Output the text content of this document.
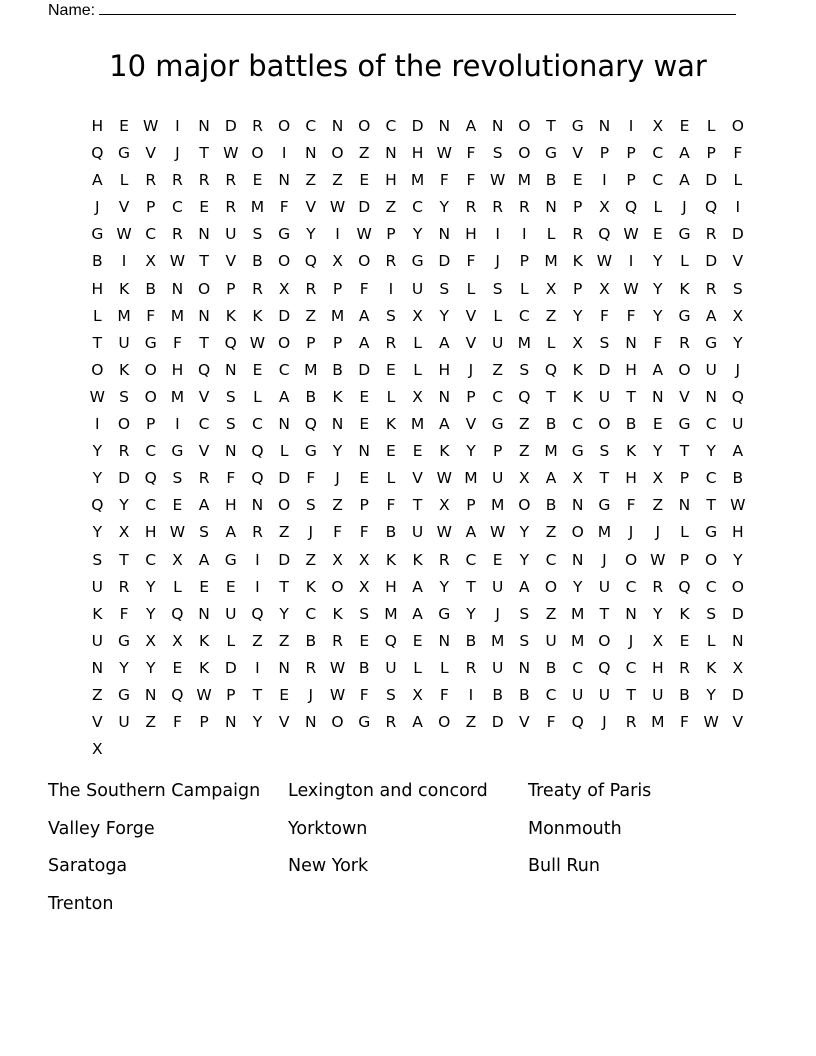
Name:
10 major battles of the revolutionary war
H	E W	I	N D R O C N O C D N	A	N O	T	G N	I	X	E	L	O
Q G V	J	T W O	I	N O Z	N H W F	S	O G V	P	P	C	A	P	F
A	L	R	R	R	R	E	N	Z	Z	E	H M	F	F W M B	E	I	P	C	A D	L
J	V	P	C	E	R M	F	V W D Z	C	Y	R	R	R N	P	X Q	L	J	Q	I
G W C	R N U	S	G	Y	I	W P	Y	N H	I	I	L	R Q W E	G R D
B	I	X W T	V	B O Q X O R G D	F	J	P M K W	I	Y	L	D V
H	K	B	N O	P	R	X	R	P	F	I	U	S	L	S	L	X	P	X W Y	K	R	S
L	M	F	M N	K	K	D Z M A	S	X	Y	V	L	C	Z	Y	F	F	Y	G A	X
T	U G	F	T	Q W O	P	P	A	R	L	A	V	U M	L	X	S	N	F	R G	Y
O	K	O H Q N	E	C M B D	E	L	H	J	Z	S	Q	K	D H	A O U	J
W S	O M V	S	L	A	B	K	E	L	X	N	P	C Q	T	K	U	T	N	V	N Q
I	O	P	I	C	S	C N Q N	E	K M A	V G Z	B	C O B	E	G C	U
Y	R	C G V	N Q	L	G	Y	N	E	E	K	Y	P	Z M G	S	K	Y	T	Y	A
Y	D Q	S	R	F	Q D	F	J	E	L	V W M U	X	A	X	T	H	X	P	C	B
Q	Y	C	E	A	H N O	S	Z	P	F	T	X	P M O B	N G	F	Z	N	T W
Y	X	H W S	A	R	Z	J	F	F	B	U W A W Y	Z O M	J	J	L	G H
S	T	C	X	A G	I	D Z	X	X	K	K	R	C	E	Y	C N	J	O W P	O	Y
U	R	Y	L	E	E	I	T	K	O X	H	A	Y	T	U	A O	Y	U	C	R Q C O
K	F	Y	Q N U Q	Y	C	K	S M A G	Y	J	S	Z M T	N	Y	K	S	D
U G X	X	K	L	Z	Z	B	R	E	Q	E	N	B M S	U M O	J	X	E	L	N
N	Y	Y	E	K	D	I	N	R W B	U	L	L	R	U N	B	C Q C H R	K	X
Z G N Q W P	T	E	J	W F	S	X	F	I	B	B	C	U U	T	U	B	Y	D
V	U	Z	F	P	N	Y	V	N O G R	A O Z D V	F	Q	J	R M	F W V
X
The Southern Campaign	Lexington and concord	Treaty of Paris
Valley Forge	Yorktown	Monmouth
Saratoga	New York	Bull Run
Trenton
